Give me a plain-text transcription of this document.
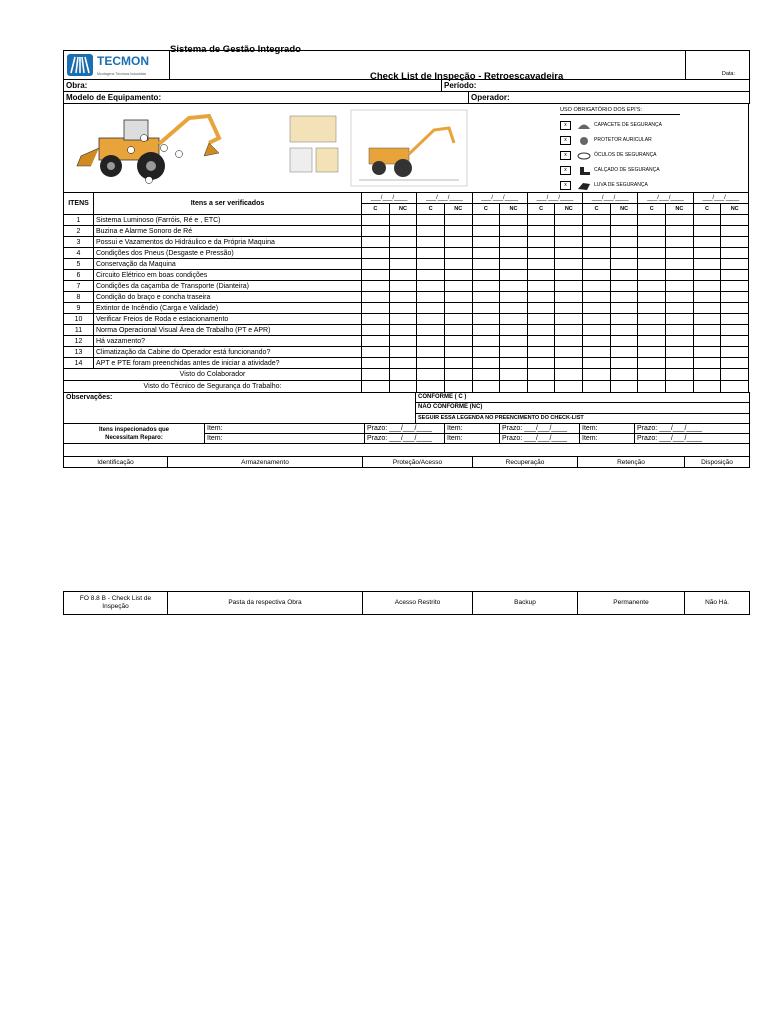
TECMON
Montagens Técnicas Industriais

Sistema de Gestão Integrado
Check List de Inspeção - Retroescavadeira	Data:
Obra:	Período:
Modelo de Equipamento:	Operador:
USO OBRIGATÓRIO DOS EPI'S:
x	CAPACETE DE SEGURANÇA
x	PROTETOR AURICULAR
x	ÓCULOS DE SEGURANÇA
x	CALÇADO DE SEGURANÇA
x	LUVA DE SEGURANÇA
ITENS	Itens a ser verificados	___/___/____		___/___/____		___/___/____		___/___/____		___/___/____		___/___/____		___/___/____	
		C	NC	C	NC	C	NC	C	NC	C	NC	C	NC	C	NC
1	Sistema Luminoso (Farróis, Ré e , ETC)														
2	Buzina e Alarme Sonoro de Ré														
3	Possui e Vazamentos do Hidráulico e da Própria Maquina														
4	Condições dos Pneus (Desgaste e Pressão)														
5	Conservação da Maquina														
6	Circuito Elétrico em boas condições														
7	Condições da caçamba de Transporte (Dianteira)														
8	Condição do braço e concha traseira														
9	Extintor de Incêndio (Carga e Validade)														
10	Verificar Freios de Roda e estacionamento														
11	Norma Operacional Visual Área de Trabalho (PT e APR)														
12	Há vazamento?														
13	Climatização da Cabine do Operador está funcionando?														
14	APT e PTE foram preenchidas antes de iniciar a atividade?														
Visto do Colaborador															
Visto do Técnico de Segurança do Trabalho:															
Observações:	CONFORME ( C )
NÃO CONFORME (NC)
SEGUIR ESSA LEGENDA NO PREENCIMENTO DO CHECK-LIST
Itens inspecionados que
Necessitam Reparo:	Item:	Prazo: ___/___/____	Item:	Prazo: ___/___/____	Item:	Prazo: ___/___/____
	Item:	Prazo: ___/___/____	Item:	Prazo: ___/___/____	Item:	Prazo: ___/___/____

Identificação	Armazenamento	Proteção/Acesso	Recuperação	Retenção	Disposição
FO 8.8 B - Check List de Inspeção	Pasta da respectiva Obra	Acesso Restrito	Backup	Permanente	Não Há.
